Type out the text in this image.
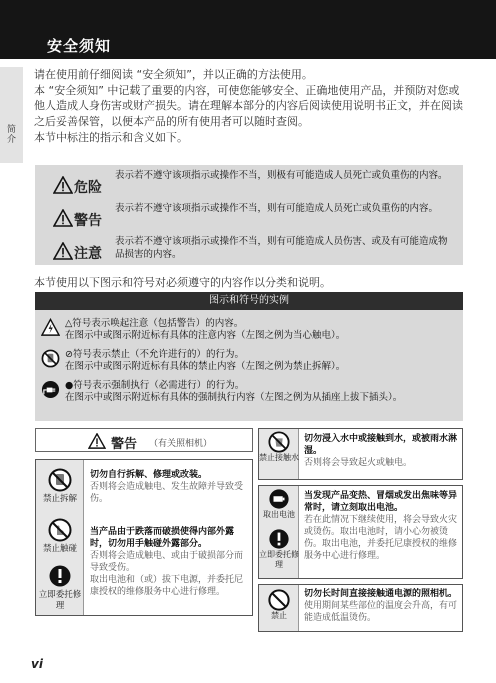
安全须知
简介

请在使用前仔细阅读 “安全须知”，并以正确的方法使用。

本 “安全须知” 中记载了重要的内容，可使您能够安全、正确地使用产品，并预防对您或他人造成人身伤害或财产损失。请在理解本部分的内容后阅读使用说明书正文，并在阅读之后妥善保管，以便本产品的所有使用者可以随时查阅。

本节中标注的指示和含义如下。

危险
表示若不遵守该项指示或操作不当，则极有可能造成人员死亡或负重伤的内容。
警告
表示若不遵守该项指示或操作不当，则有可能造成人员死亡或负重伤的内容。
注意
表示若不遵守该项指示或操作不当，则有可能造成人员伤害、或及有可能造成物品损害的内容。
本节使用以下图示和符号对必须遵守的内容作以分类和说明。
图示和符号的实例
△符号表示唤起注意（包括警告）的内容。
在图示中或图示附近标有具体的注意内容（左图之例为当心触电）。
⊘符号表示禁止（不允许进行的）的行为。
在图示中或图示附近标有具体的禁止内容（左图之例为禁止拆解）。
●符号表示强制执行（必需进行）的行为。
在图示中或图示附近标有具体的强制执行内容（左图之例为从插座上拔下插头）。
警告 （有关照相机）
禁止拆解
切勿自行拆解、修理或改装。
否则将会造成触电、发生故障并导致受伤。
禁止触碰
当产品由于跌落而破损使得内部外露时，切勿用手触碰外露部分。
否则将会造成触电、或由于破损部分而导致受伤。
取出电池和（或）拔下电源，并委托尼康授权的维修服务中心进行修理。
立即委托修理
禁止接触水
切勿浸入水中或接触到水，或被雨水淋湿。
否则将会导致起火或触电。
取出电池
立即委托修理
当发现产品变热、冒烟或发出焦味等异常时，请立刻取出电池。
若在此情况下继续使用，将会导致火灾或烫伤。取出电池时，请小心勿被烫伤。取出电池，并委托尼康授权的维修服务中心进行修理。
禁止
切勿长时间直接接触通电源的照相机。
使用期间某些部位的温度会升高，有可能造成低温烫伤。
vi
